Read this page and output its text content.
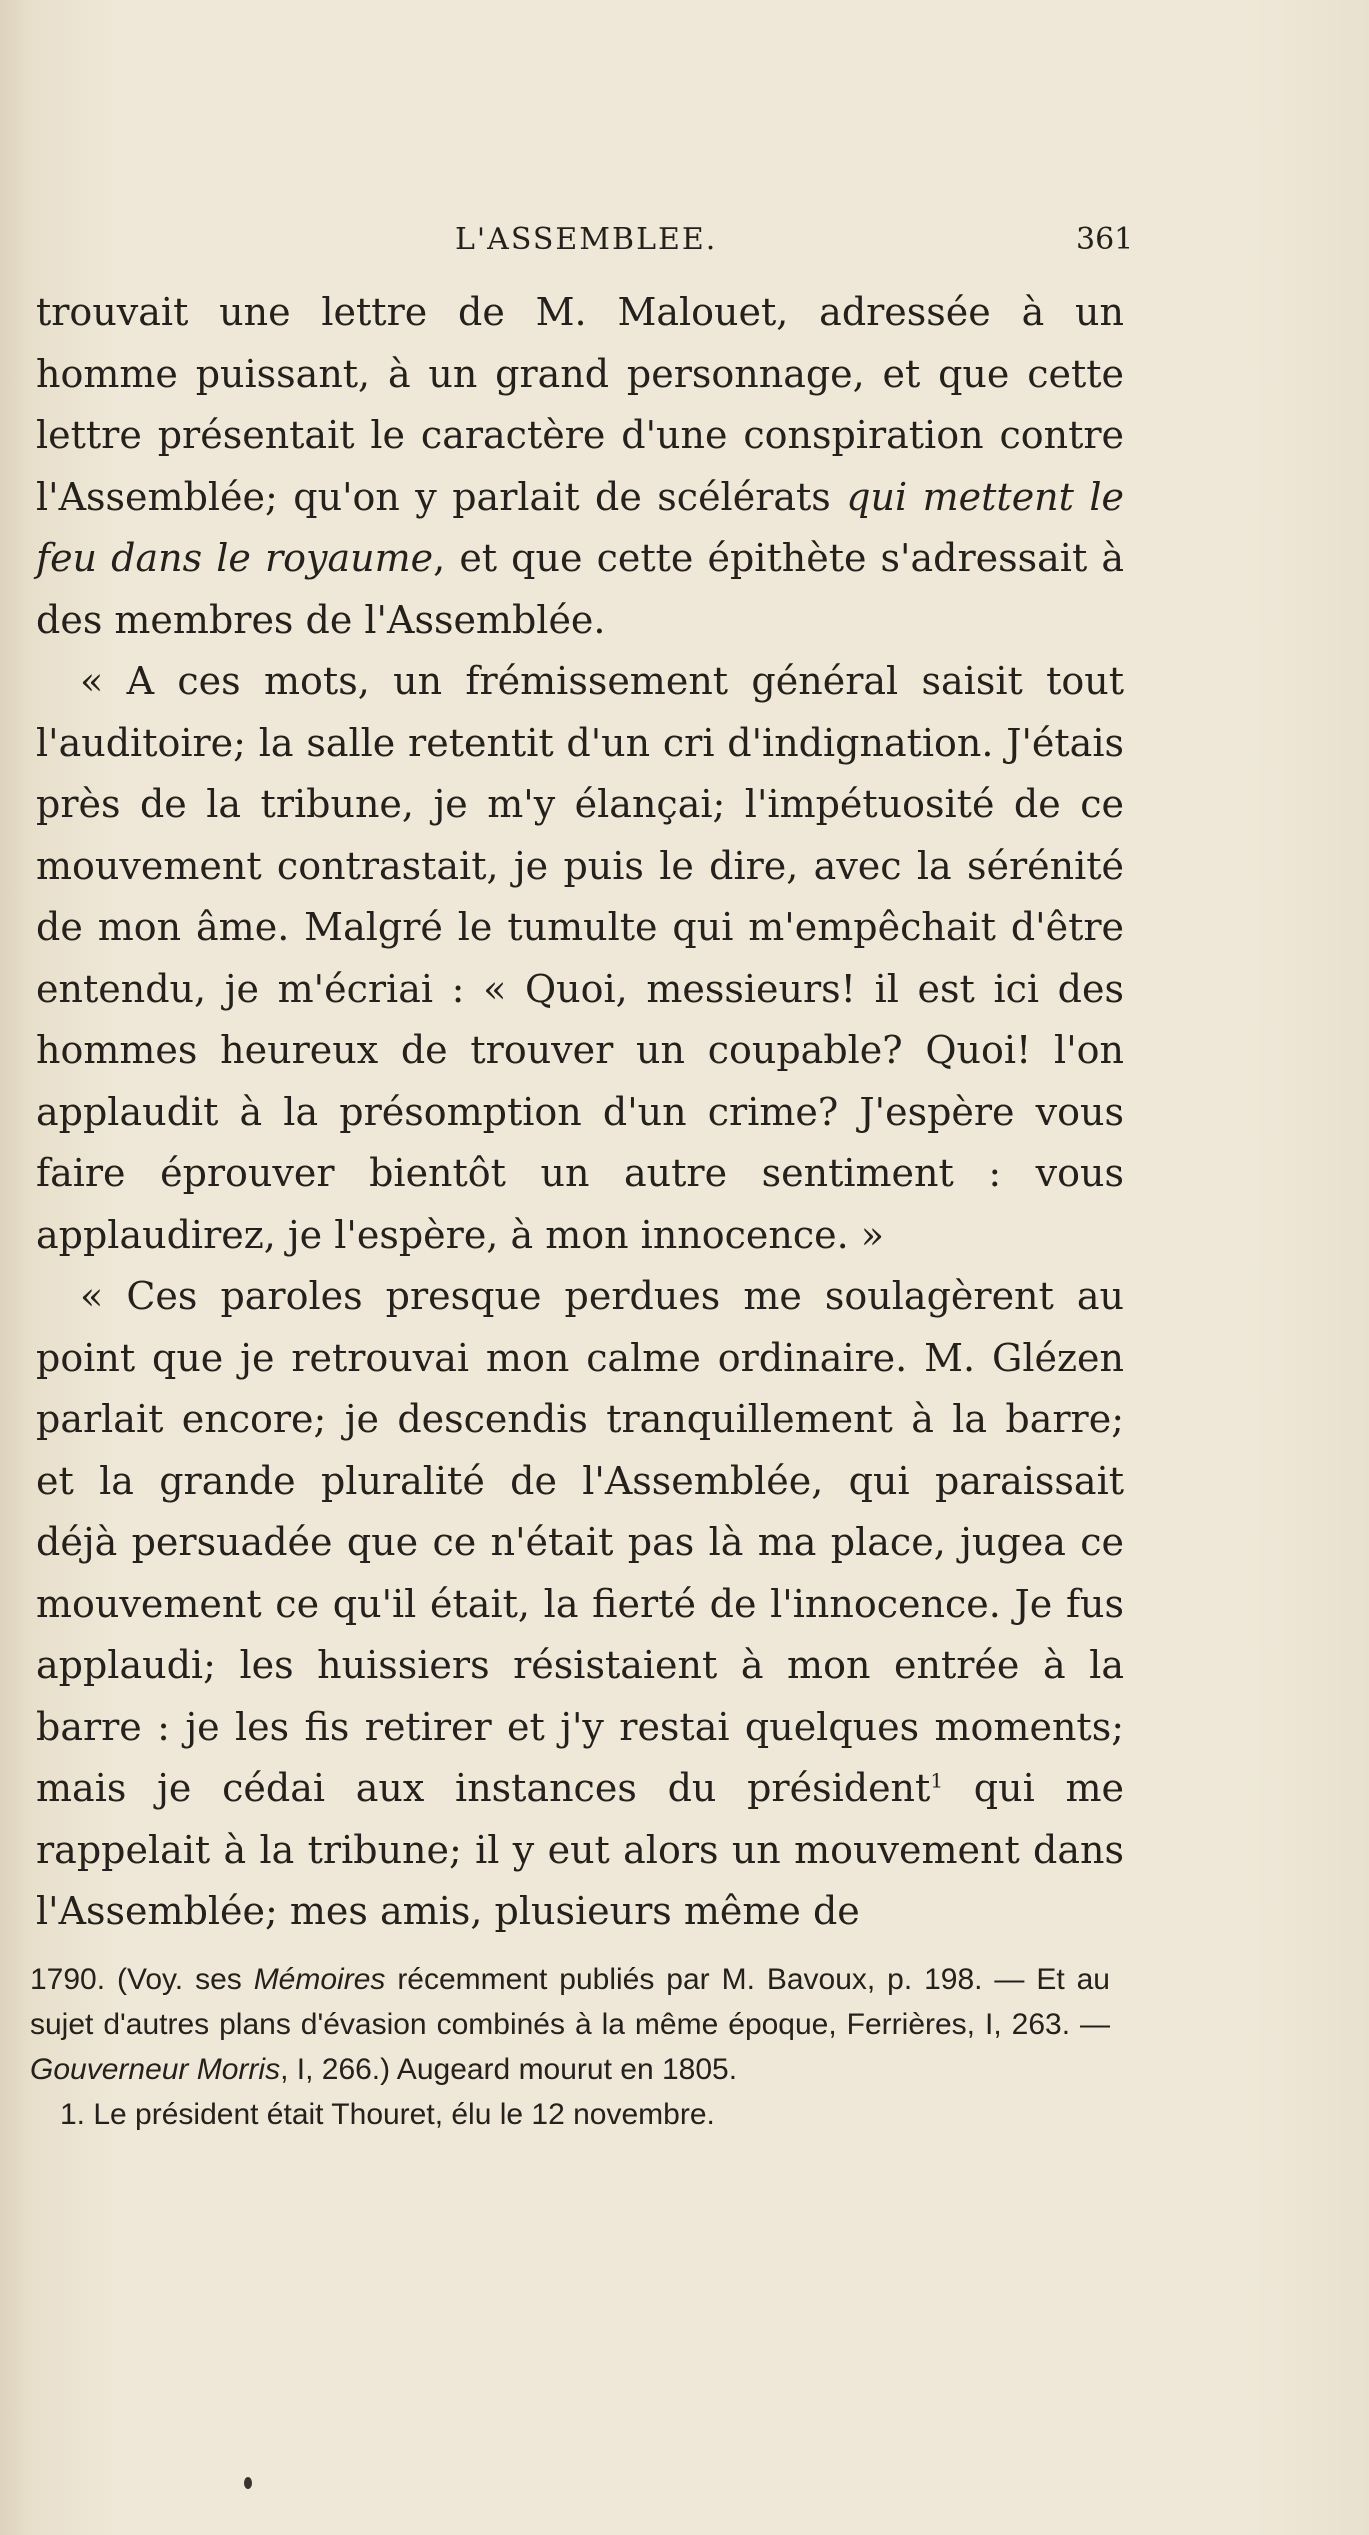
L'ASSEMBLEE.	361

trouvait une lettre de M. Malouet, adressée à un homme puissant, à un grand personnage, et que cette lettre présentait le caractère d'une conspiration contre l'Assemblée; qu'on y parlait de scélérats qui mettent le feu dans le royaume, et que cette épithète s'adressait à des membres de l'Assemblée.

« A ces mots, un frémissement général saisit tout l'auditoire; la salle retentit d'un cri d'indignation. J'étais près de la tribune, je m'y élançai; l'impétuosité de ce mouvement contrastait, je puis le dire, avec la sérénité de mon âme. Malgré le tumulte qui m'empêchait d'être entendu, je m'écriai : « Quoi, messieurs! il est ici des hommes heureux de trouver un coupable? Quoi! l'on applaudit à la présomption d'un crime? J'espère vous faire éprouver bientôt un autre sentiment : vous applaudirez, je l'espère, à mon innocence. »

« Ces paroles presque perdues me soulagèrent au point que je retrouvai mon calme ordinaire. M. Glézen parlait encore; je descendis tranquillement à la barre; et la grande pluralité de l'Assemblée, qui paraissait déjà persuadée que ce n'était pas là ma place, jugea ce mouvement ce qu'il était, la fierté de l'innocence. Je fus applaudi; les huissiers résistaient à mon entrée à la barre : je les fis retirer et j'y restai quelques moments; mais je cédai aux instances du président$^1$ qui me rappelait à la tribune; il y eut alors un mouvement dans l'Assemblée; mes amis, plusieurs même de

1790. (Voy. ses Mémoires récemment publiés par M. Bavoux, p. 198. — Et au sujet d'autres plans d'évasion combinés à la même époque, Ferrières, I, 263. — Gouverneur Morris, I, 266.) Augeard mourut en 1805.

1. Le président était Thouret, élu le 12 novembre.
